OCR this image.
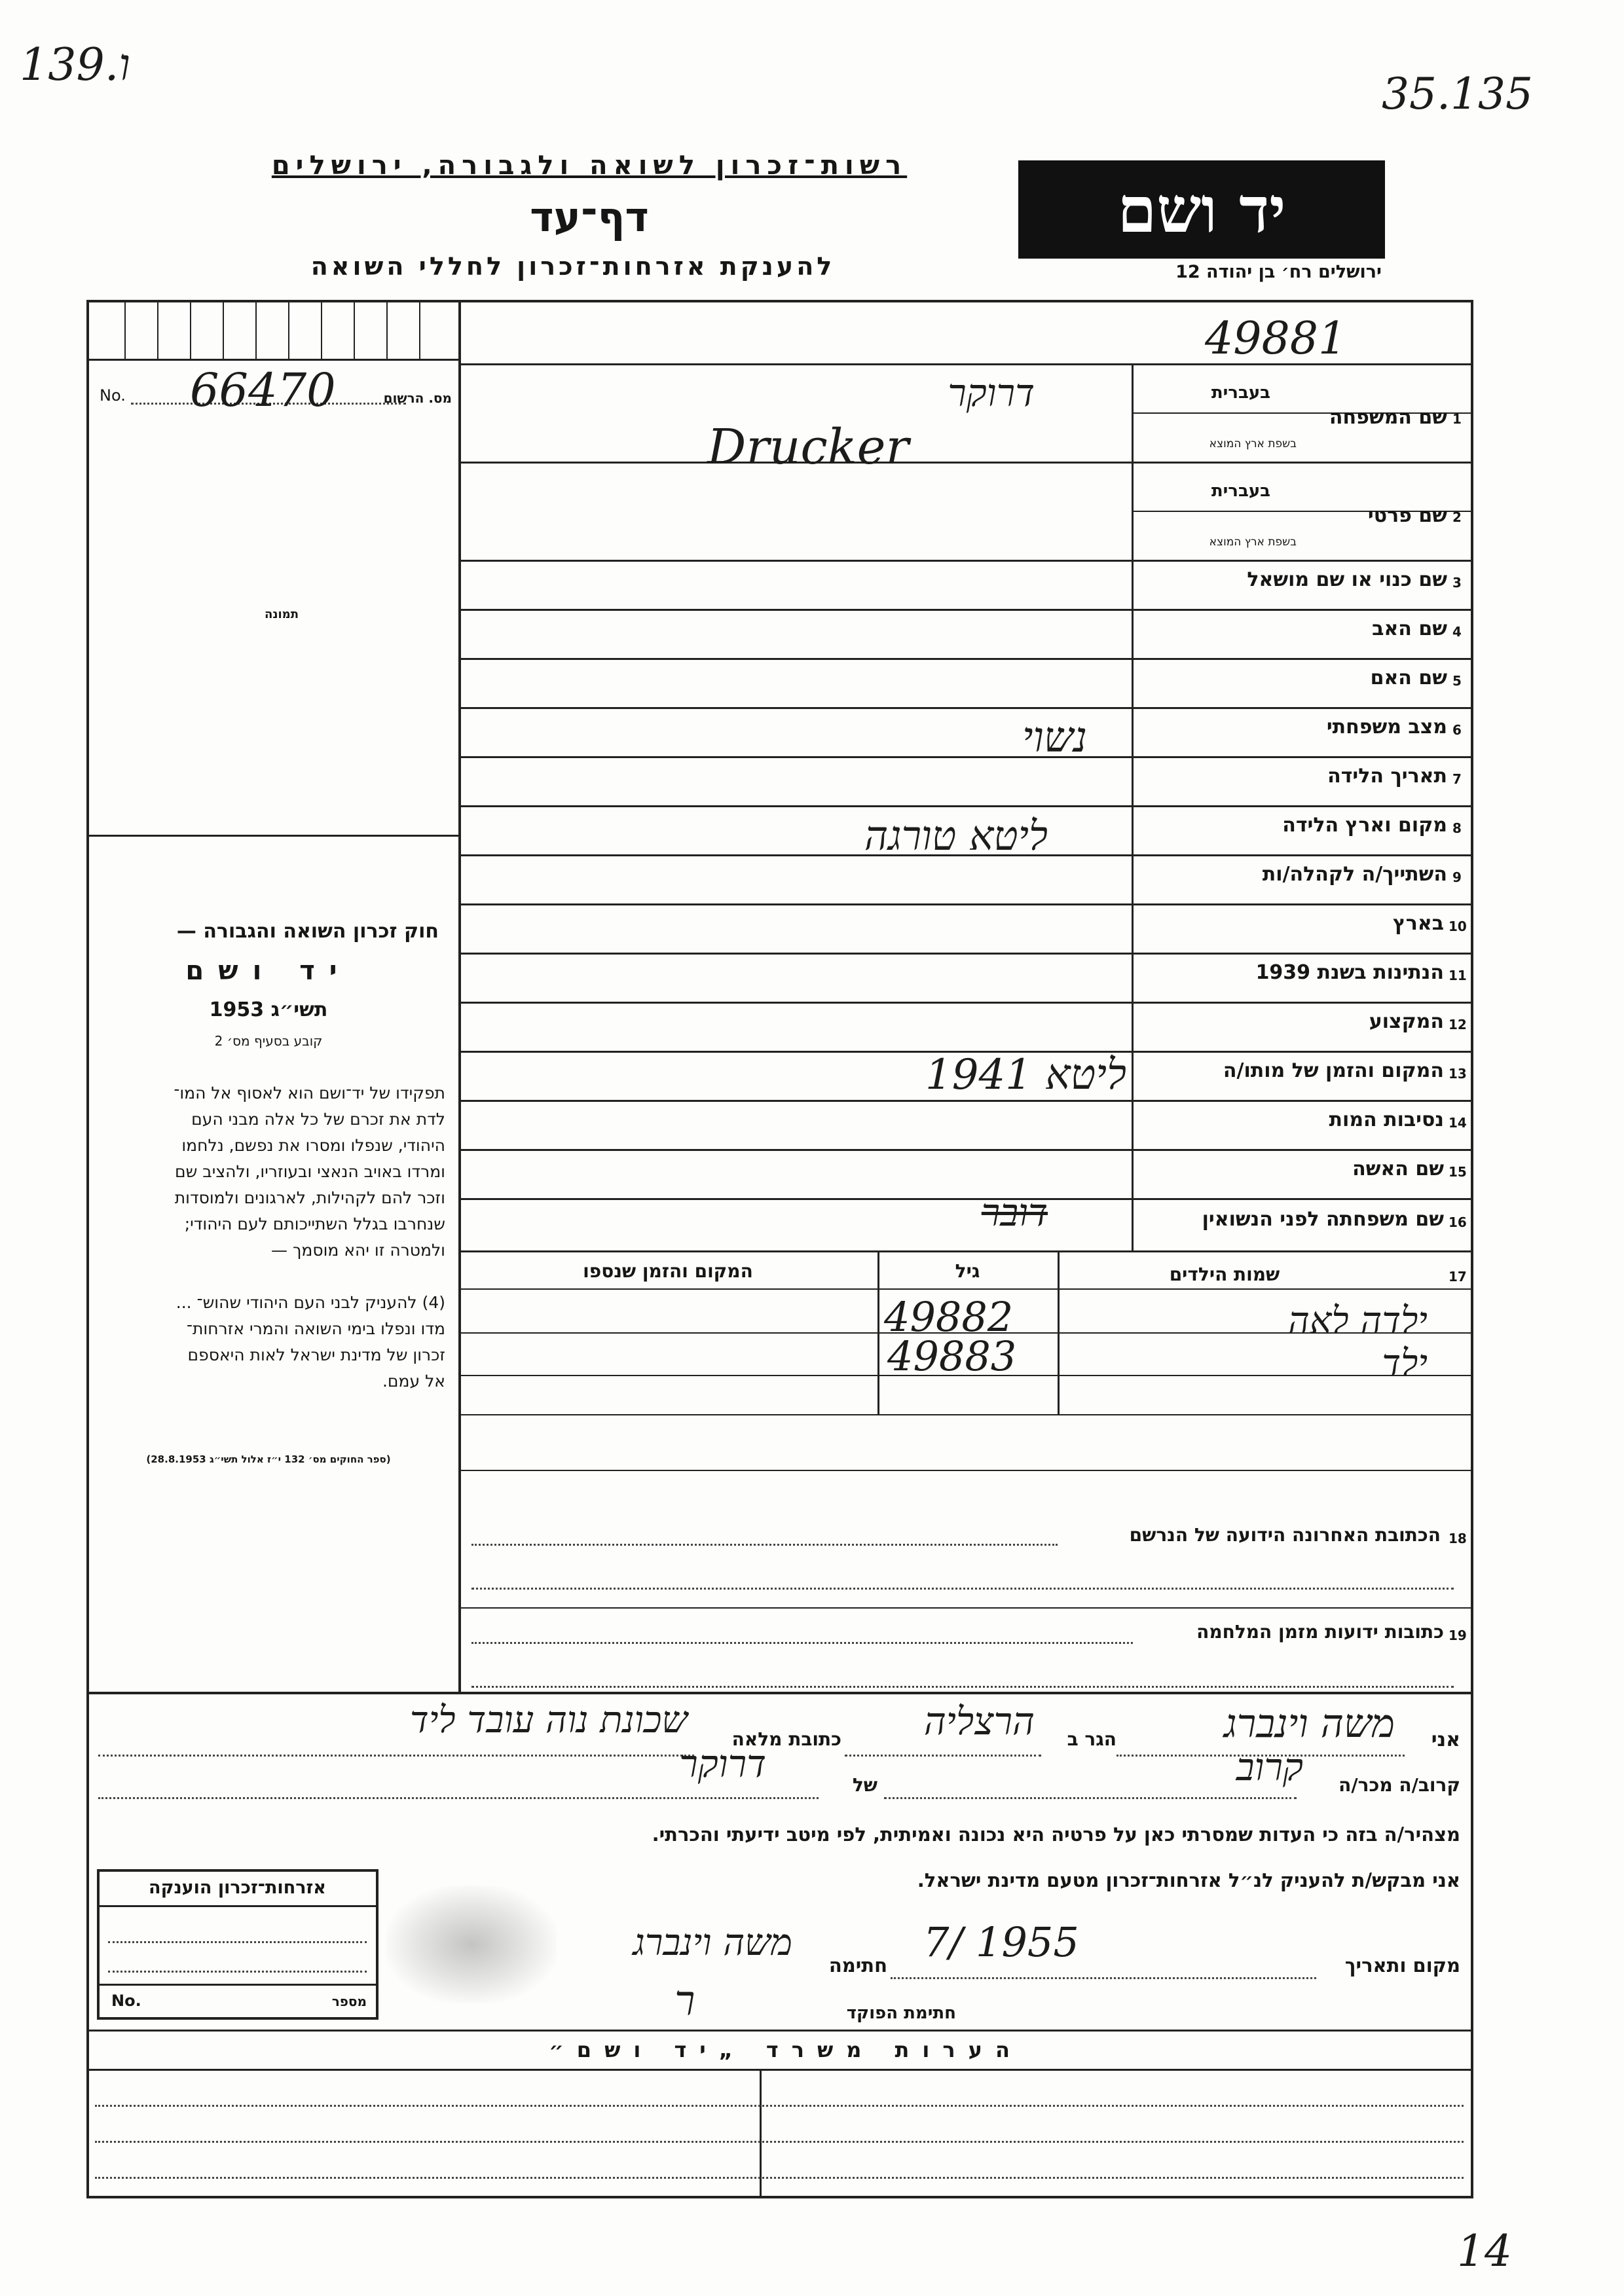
139.ו
35.135
14
רשות־זכרון לשואה ולגבורה, ירושלים
דף־עד
להענקת אזרחות־זכרון לחללי השואה
יד ושם
ירושלים רח׳ בן יהודה 12
49881
No. 66470	מס. הרשום
תמונה
חוק זכרון השואה והגבורה —
יד ושם
תשי״ג 1953
קובע בסעיף מס׳ 2
תפקידו של יד־ושם הוא לאסוף אל המו־
לדת את זכרם של כל אלה מבני העם
היהודי, שנפלו ומסרו את נפשם, נלחמו
ומרדו באויב הנאצי ובעוזריו, ולהציב שם
וזכר להם לקהילות, לארגונים ולמוסדות
שנחרבו בגלל השתייכותם לעם היהודי;
ולמטרה זו יהא מוסמך —
(4) להעניק לבני העם היהודי שהוש־ ...
מדו ונפלו בימי השואה והמרי אזרחות־
זכרון של מדינת ישראל לאות היאספם
אל עמם.
(ספר החוקים מס׳ 132 י״ז אלול תשי״ג 28.8.1953)
1
שם המשפחה
בעברית
בשפת ארץ המוצא
דרוקר
Drucker
2
שם פרטי
בעברית
בשפת ארץ המוצא
3
שם כנוי או שם מושאל
4
שם האב
5
שם האם
6
מצב משפחתי
7
תאריך הלידה
8
מקום וארץ הלידה
9
השתייך/ה לקהלה/ות
10
בארץ
11
הנתינות בשנת 1939
12
המקצוע
13
המקום והזמן של מותו/ה
14
נסיבות המות
15
שם האשה
16
שם משפחתה לפני הנשואין
נשוי
ליטא טורגה
ליטא 1941
דובר
17
שמות הילדים
גיל
המקום והזמן שנספו
ילדה לאה
ילד
49882
49883
18
הכתובת האחרונה הידועה של הנרשם
19
כתובות ידועות מזמן המלחמה
אני
משה וינברג
הגר ב
הרצליה
כתובת מלאה
שכונת נוה עובד ליד
קרוב/ה מכר/ה
קרוב
של
דרוקר
מצהיר/ה בזה כי העדות שמסרתי כאן על פרטיה היא נכונה ואמיתית, לפי מיטב ידיעתי והכרתי.
אני מבקש/ת להעניק לנ״ל אזרחות־זכרון מטעם מדינת ישראל.
מקום ותאריך
7/ 1955
חתימה
משה וינברג
חתימת הפוקד
ר
אזרחות־זכרון הוענקה
No.	מספר
הערות משרד „יד ושם״
